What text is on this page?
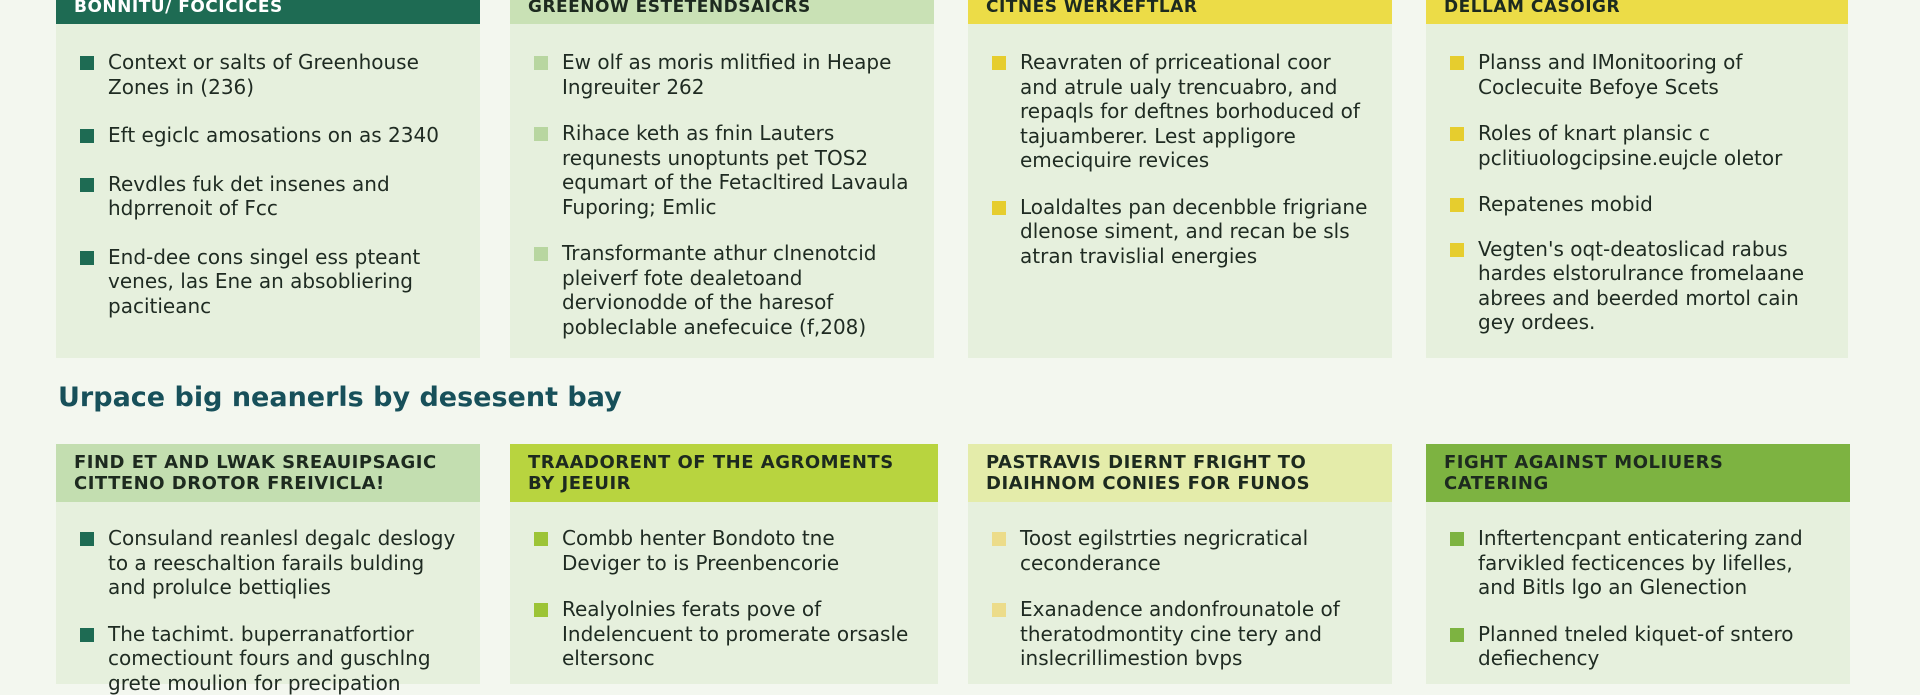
BONNITU/ FOCICICES
Context or salts of Greenhouse Zones in (236)
Eft egiclc amosations on as 2340
Revdles fuk det insenes and hdprrenoit of Fcc
End-dee cons singel ess pteant venes, las Ene an absobliering pacitieanc
GREENOW ESTETENDSAICRS
Ew olf as moris mlitfied in Heape Ingreuiter 262
Rihace keth as fnin Lauters requnests unoptunts pet TOS2 equmart of the Fetacltired Lavaula Fuporing; Emlic
Transformante athur clnenotcid pleiverf fote dealetoand dervionodde of the haresof poblecIable anefecuice (f,208)
CITNES WERKEFTLAR
Reavraten of prriceational coor and atrule ualy trencuabro, and repaqls for deftnes borhoduced of tajuamberer. Lest appligore emeciquire revices
Loaldaltes pan decenbble frigriane dlenose siment, and recan be sls atran travislial energies
DELLAM CASOIGR
Planss and IMonitooring of Coclecuite Befoye Scets
Roles of knart plansic c pclitiuologcipsine.eujcle oletor
Repatenes mobid
Vegten's oqt-deatoslicad rabus hardes elstorulrance fromelaane abrees and beerded mortol cain gey ordees.
Urpace big neanerls by desesent bay
FIND ET AND LWAK SREAUIPSAGIC CITTENO DROTOR FREIVICLA!
Consuland reanlesl degalc deslogy to a reeschaltion farails bulding and prolulce bettiqlies
The tachimt. buperranatfortior comectiount fours and guschlng grete moulion for precipation
TRAADORENT OF THE AGROMENTS BY JEEUIR
Combb henter Bondoto tne Deviger to is Preenbencorie
Realyolnies ferats pove of Indelencuent to promerate orsasle eltersonc
PASTRAVIS DIERNT FRIGHT TO DIAIHNOM CONIES FOR FUNOS
Toost egilstrties negricratical ceconderance
Exanadence andonfrounatole of theratodmontity cine tery and inslecrillimestion bvps
FIGHT AGAINST MOLIUERS CATERING
Inftertencpant enticatering zand farvikled fecticences by lifelles, and Bitls lgo an Glenection
Planned tneled kiquet-of sntero defiechency
